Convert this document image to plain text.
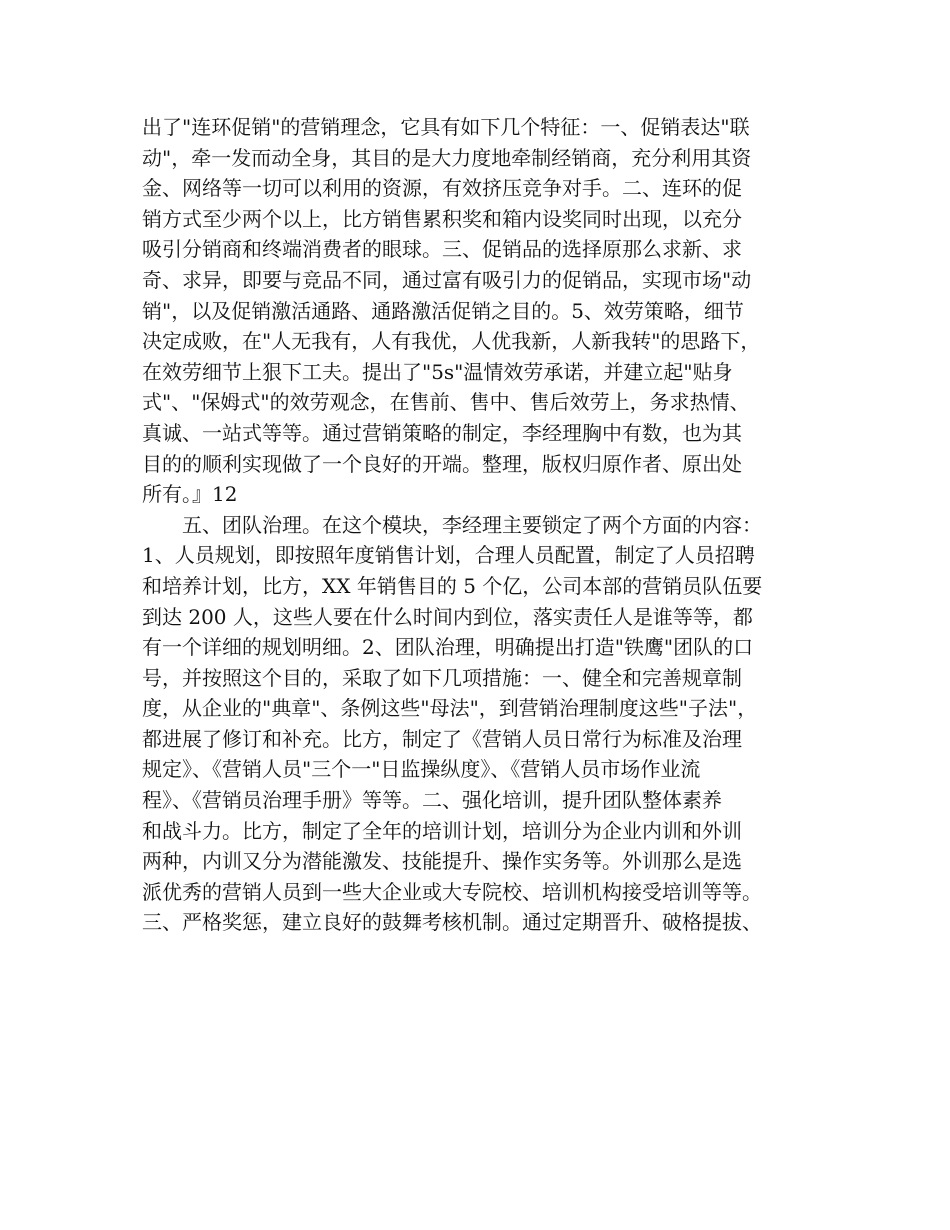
出了"连环促销"的营销理念，它具有如下几个特征：一、促销表达"联
动"，牵一发而动全身，其目的是大力度地牵制经销商，充分利用其资
金、网络等一切可以利用的资源，有效挤压竞争对手。二、连环的促
销方式至少两个以上，比方销售累积奖和箱内设奖同时出现，以充分
吸引分销商和终端消费者的眼球。三、促销品的选择原那么求新、求
奇、求异，即要与竞品不同，通过富有吸引力的促销品，实现市场"动
销"，以及促销激活通路、通路激活促销之目的。5、效劳策略，细节
决定成败，在"人无我有，人有我优，人优我新，人新我转"的思路下，
在效劳细节上狠下工夫。提出了"5s"温情效劳承诺，并建立起"贴身
式"、"保姆式"的效劳观念，在售前、售中、售后效劳上，务求热情、
真诚、一站式等等。通过营销策略的制定，李经理胸中有数，也为其
目的的顺利实现做了一个良好的开端。整理，版权归原作者、原出处
所有。』12
五、团队治理。在这个模块，李经理主要锁定了两个方面的内容：
1、人员规划，即按照年度销售计划，合理人员配置，制定了人员招聘
和培养计划，比方，XX 年销售目的 5 个亿，公司本部的营销员队伍要
到达 200 人，这些人要在什么时间内到位，落实责任人是谁等等，都
有一个详细的规划明细。2、团队治理，明确提出打造"铁鹰"团队的口
号，并按照这个目的，采取了如下几项措施：一、健全和完善规章制
度，从企业的"典章"、条例这些"母法"，到营销治理制度这些"子法"，
都进展了修订和补充。比方，制定了《营销人员日常行为标准及治理
规定》、《营销人员"三个一"日监操纵度》、《营销人员市场作业流
程》、《营销员治理手册》等等。二、强化培训，提升团队整体素养
和战斗力。比方，制定了全年的培训计划，培训分为企业内训和外训
两种，内训又分为潜能激发、技能提升、操作实务等。外训那么是选
派优秀的营销人员到一些大企业或大专院校、培训机构接受培训等等。
三、严格奖惩，建立良好的鼓舞考核机制。通过定期晋升、破格提拔、
